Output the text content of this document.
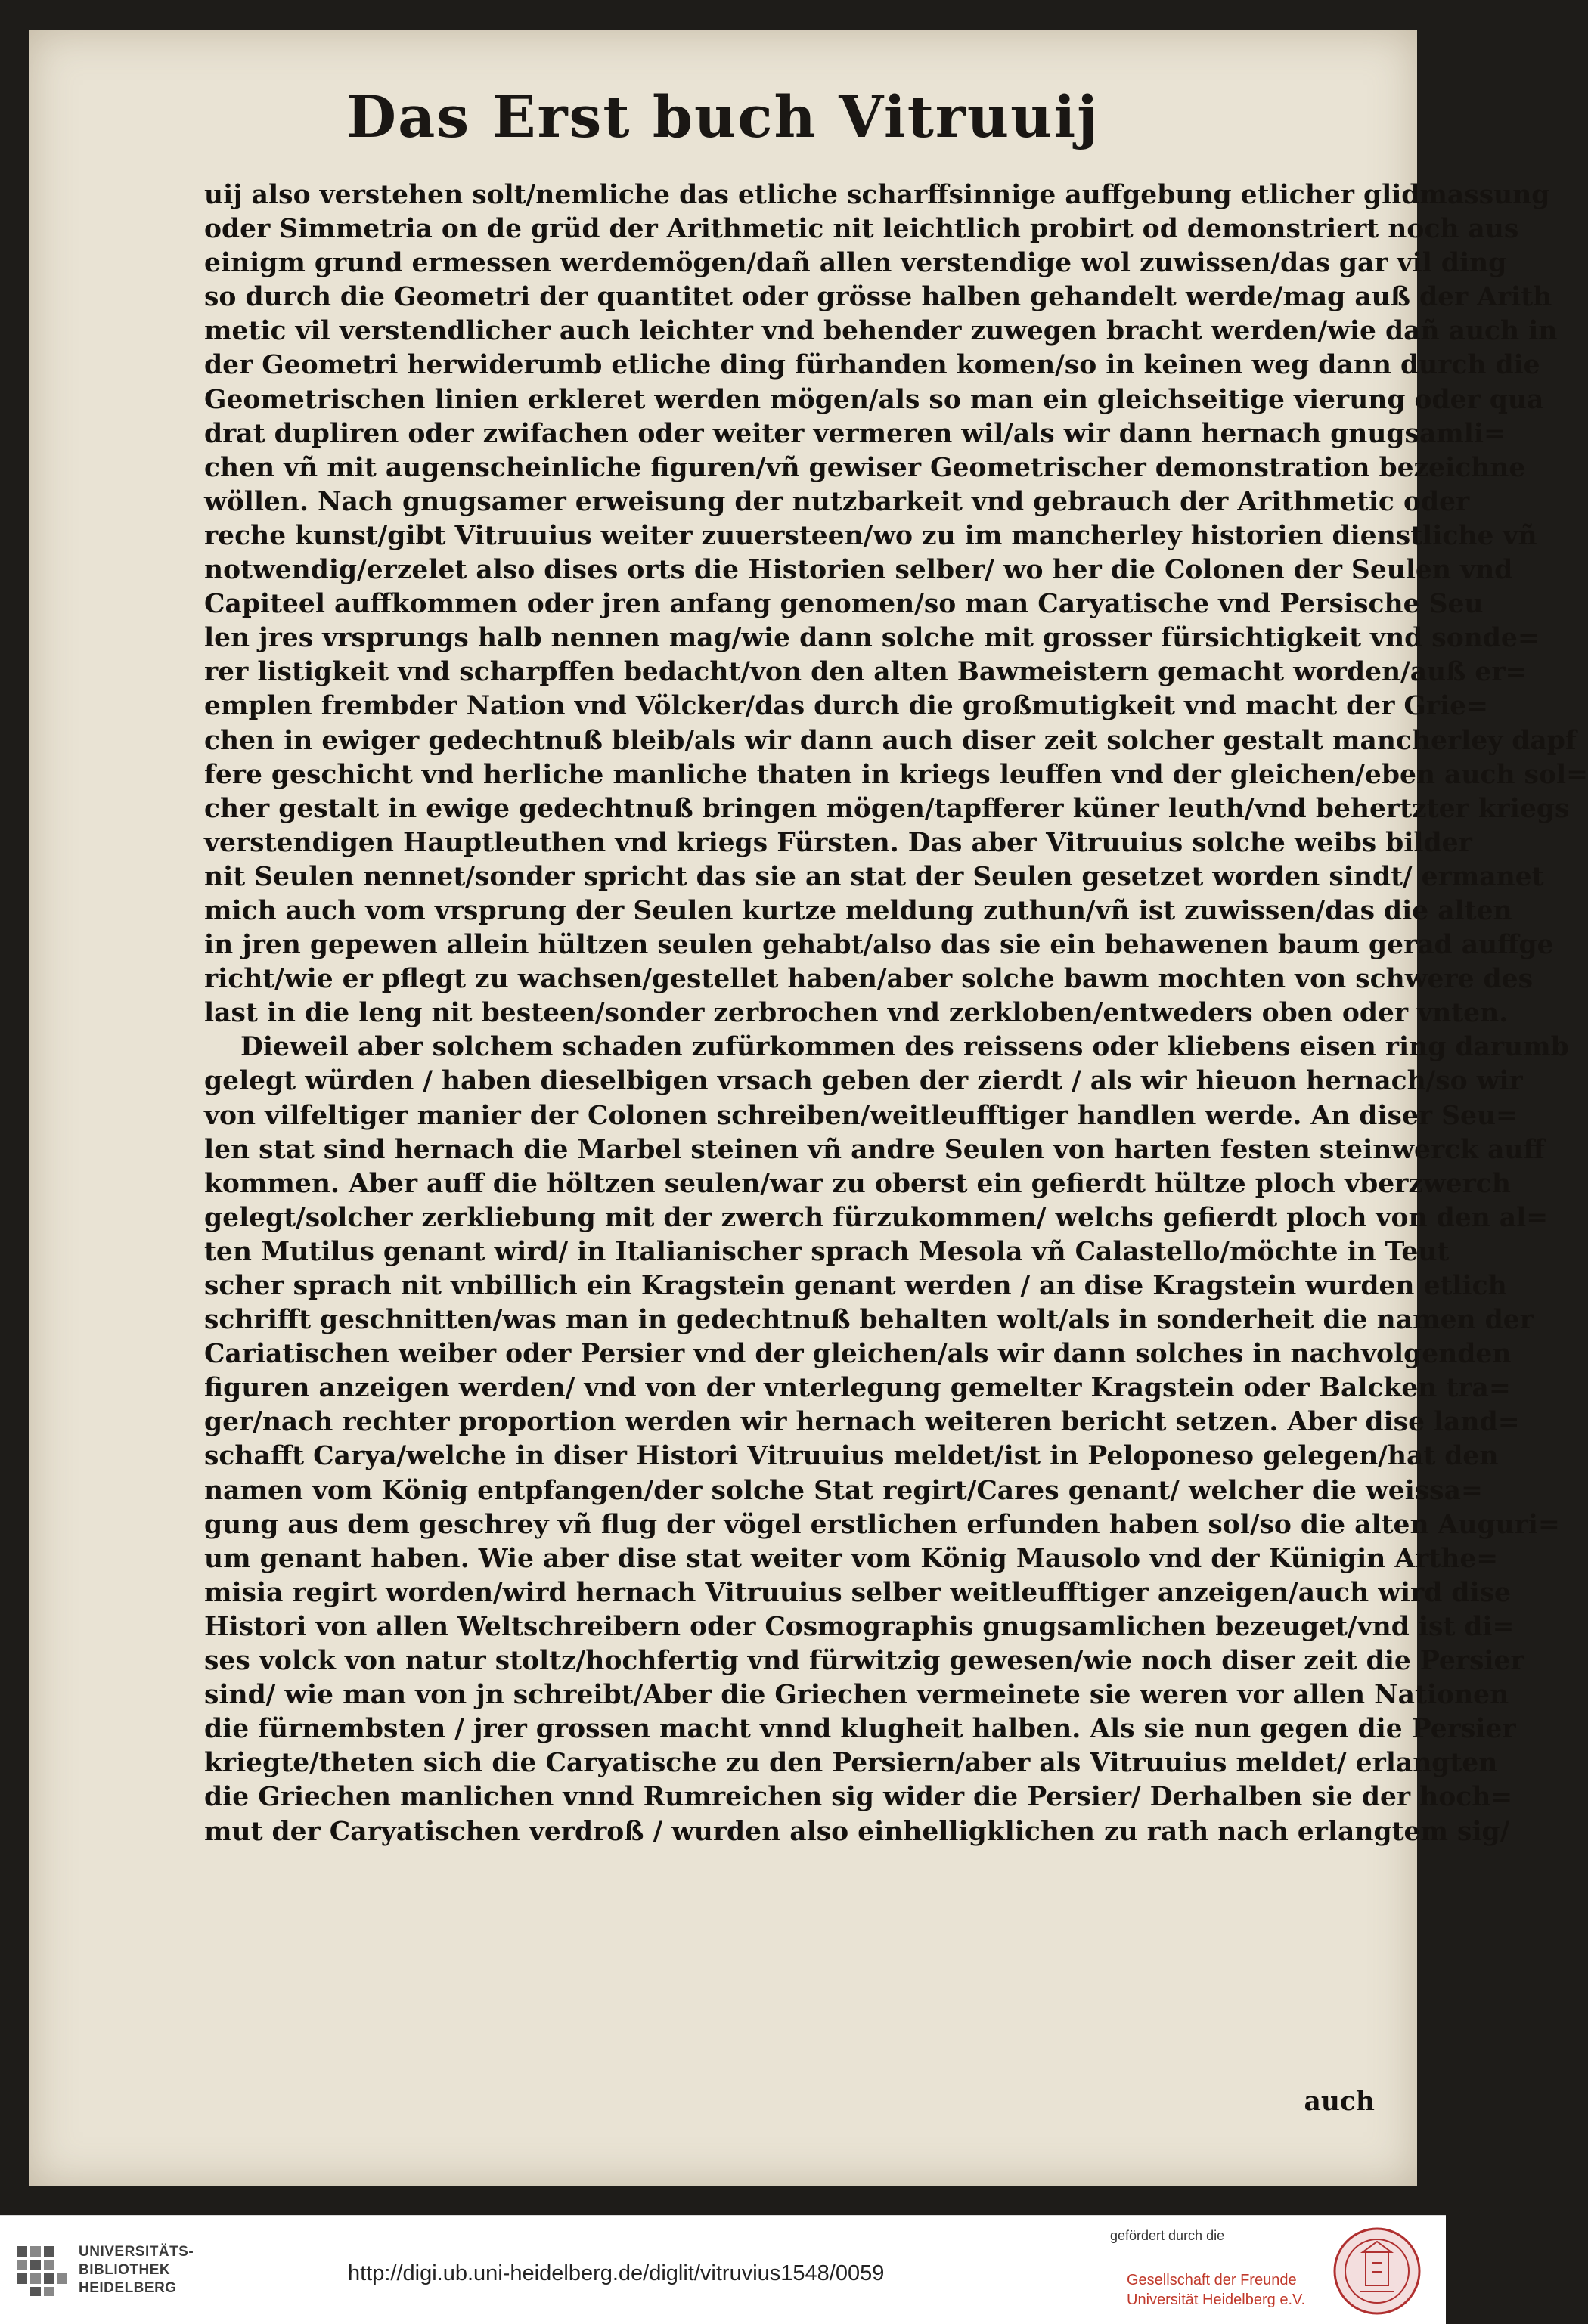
Das Erst buch Vitruuij
uij also verstehen solt/nemliche das etliche scharffsinnige auffgebung etlicher glidmassung
oder Simmetria on de grüd der Arithmetic nit leichtlich probirt od demonstriert noch aus
einigm grund ermessen werdemögen/dañ allen verstendige wol zuwissen/das gar vil ding
so durch die Geometri der quantitet oder grösse halben gehandelt werde/mag auß der Arith
metic vil verstendlicher auch leichter vnd behender zuwegen bracht werden/wie dañ auch in
der Geometri herwiderumb etliche ding fürhanden komen/so in keinen weg dann durch die
Geometrischen linien erkleret werden mögen/als so man ein gleichseitige vierung oder qua
drat dupliren oder zwifachen oder weiter vermeren wil/als wir dann hernach gnugsamli=
chen vñ mit augenscheinliche figuren/vñ gewiser Geometrischer demonstration bezeichne
wöllen. Nach gnugsamer erweisung der nutzbarkeit vnd gebrauch der Arithmetic oder
reche kunst/gibt Vitruuius weiter zuuersteen/wo zu im mancherley historien dienstliche vñ
notwendig/erzelet also dises orts die Historien selber/ wo her die Colonen der Seulen vnd
Capiteel auffkommen oder jren anfang genomen/so man Caryatische vnd Persische Seu
len jres vrsprungs halb nennen mag/wie dann solche mit grosser fürsichtigkeit vnd sonde=
rer listigkeit vnd scharpffen bedacht/von den alten Bawmeistern gemacht worden/auß er=
emplen frembder Nation vnd Völcker/das durch die großmutigkeit vnd macht der Grie=
chen in ewiger gedechtnuß bleib/als wir dann auch diser zeit solcher gestalt mancherley dapf
fere geschicht vnd herliche manliche thaten in kriegs leuffen vnd der gleichen/eben auch sol=
cher gestalt in ewige gedechtnuß bringen mögen/tapfferer küner leuth/vnd behertzter kriegs
verstendigen Hauptleuthen vnd kriegs Fürsten. Das aber Vitruuius solche weibs bilder
nit Seulen nennet/sonder spricht das sie an stat der Seulen gesetzet worden sindt/ ermanet
mich auch vom vrsprung der Seulen kurtze meldung zuthun/vñ ist zuwissen/das die alten
in jren gepewen allein hültzen seulen gehabt/also das sie ein behawenen baum gerad auffge
richt/wie er pflegt zu wachsen/gestellet haben/aber solche bawm mochten von schwere des
last in die leng nit besteen/sonder zerbrochen vnd zerkloben/entweders oben oder vnten.
Dieweil aber solchem schaden zufürkommen des reissens oder kliebens eisen ring darumb
gelegt würden / haben dieselbigen vrsach geben der zierdt / als wir hieuon hernach/so wir
von vilfeltiger manier der Colonen schreiben/weitleufftiger handlen werde. An diser Seu=
len stat sind hernach die Marbel steinen vñ andre Seulen von harten festen steinwerck auff
kommen. Aber auff die höltzen seulen/war zu oberst ein gefierdt hültze ploch vberzwerch
gelegt/solcher zerkliebung mit der zwerch fürzukommen/ welchs gefierdt ploch von den al=
ten Mutilus genant wird/ in Italianischer sprach Mesola vñ Calastello/möchte in Teut
scher sprach nit vnbillich ein Kragstein genant werden / an dise Kragstein wurden etlich
schrifft geschnitten/was man in gedechtnuß behalten wolt/als in sonderheit die namen der
Cariatischen weiber oder Persier vnd der gleichen/als wir dann solches in nachvolgenden
figuren anzeigen werden/ vnd von der vnterlegung gemelter Kragstein oder Balcken tra=
ger/nach rechter proportion werden wir hernach weiteren bericht setzen. Aber dise land=
schafft Carya/welche in diser Histori Vitruuius meldet/ist in Peloponeso gelegen/hat den
namen vom König entpfangen/der solche Stat regirt/Cares genant/ welcher die weissa=
gung aus dem geschrey vñ flug der vögel erstlichen erfunden haben sol/so die alten Auguri=
um genant haben. Wie aber dise stat weiter vom König Mausolo vnd der Künigin Arthe=
misia regirt worden/wird hernach Vitruuius selber weitleufftiger anzeigen/auch wird dise
Histori von allen Weltschreibern oder Cosmographis gnugsamlichen bezeuget/vnd ist di=
ses volck von natur stoltz/hochfertig vnd fürwitzig gewesen/wie noch diser zeit die Persier
sind/ wie man von jn schreibt/Aber die Griechen vermeinete sie weren vor allen Nationen
die fürnembsten / jrer grossen macht vnnd klugheit halben. Als sie nun gegen die Persier
kriegte/theten sich die Caryatische zu den Persiern/aber als Vitruuius meldet/ erlangten
die Griechen manlichen vnnd Rumreichen sig wider die Persier/ Derhalben sie der hoch=
mut der Caryatischen verdroß / wurden also einhelligklichen zu rath nach erlangtem sig/
auch
UNIVERSITÄTS-
BIBLIOTHEK
HEIDELBERG
http://digi.ub.uni-heidelberg.de/diglit/vitruvius1548/0059
gefördert durch die
Gesellschaft der Freunde
Universität Heidelberg e.V.
